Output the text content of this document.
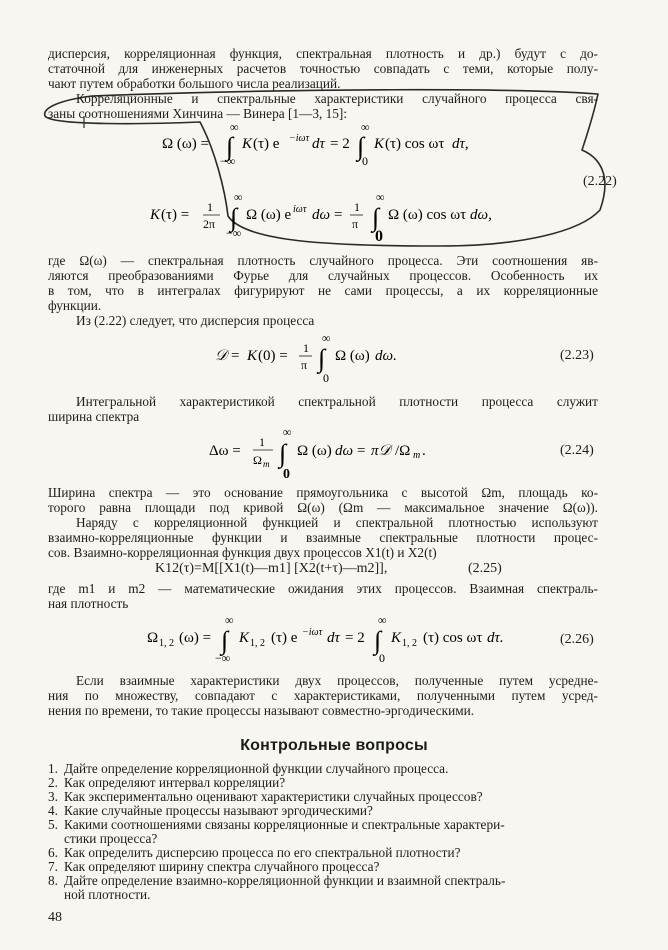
дисперсия, корреляционная функция, спектральная плотность и др.) будут с до-
статочной для инженерных расчетов точностью совпадать с теми, которые полу-
чают путем обработки большого числа реализаций.
Корреляционные и спектральные характеристики случайного процесса свя-
заны соотношениями Хинчина — Винера [1—3, 15]:
Ω (ω) =
∞
∫
−∞
K (τ) e −iωτ dτ = 2
∞
∫
0
K (τ) cos ωτ dτ,
K (τ) = 1
2π
∞
∫
−∞
Ω (ω) e iωτ dω = 1
π
∞
∫
0
Ω (ω) cos ωτ dω,
(2.22)
где Ω(ω) — спектральная плотность случайного процесса. Эти соотношения яв-
ляются преобразованиями Фурье для случайных процессов. Особенность их
в том, что в интегралах фигурируют не сами процессы, а их корреляционные
функции.
Из (2.22) следует, что дисперсия процесса
𝒟 = K (0) = 1
π
∞
∫
0
Ω (ω) dω.	(2.23)
Интегральной характеристикой спектральной плотности процесса служит
ширина спектра
Δω =
1
Ω m
∞
∫
0
Ω (ω) dω = π𝒟 /Ω m .	(2.24)
Ширина спектра — это основание прямоугольника с высотой Ωm, площадь ко-
торого равна площади под кривой Ω(ω) (Ωm — максимальное значение Ω(ω)).
Наряду с корреляционной функцией и спектральной плотностью используют
взаимно-корреляционные функции и взаимные спектральные плотности процес-
сов. Взаимно-корреляционная функция двух процессов X1(t) и X2(t)
K12(τ)=M[[X1(t)—m1] [X2(t+τ)—m2]],	(2.25)
где m1 и m2 — математические ожидания этих процессов. Взаимная спектраль-
ная плотность
Ω 1, 2 (ω) =
∞
∫
−∞
K 1, 2 (τ) e −iωτ dτ = 2
∞
∫
0
K 1, 2 (τ) cos ωτ dτ.	(2.26)
Если взаимные характеристики двух процессов, полученные путем усредне-
ния по множеству, совпадают с характеристиками, полученными путем усред-
нения по времени, то такие процессы называют совместно-эргодическими.
Контрольные вопросы
1. Дайте определение корреляционной функции случайного процесса.
2. Как определяют интервал корреляции?
3. Как экспериментально оценивают характеристики случайных процессов?
4. Какие случайные процессы называют эргодическими?
5. Какими соотношениями связаны корреляционные и спектральные характери-
стики процесса?
6. Как определить дисперсию процесса по его спектральной плотности?
7. Как определяют ширину спектра случайного процесса?
8. Дайте определение взаимно-корреляционной функции и взаимной спектраль-
ной плотности.
48
